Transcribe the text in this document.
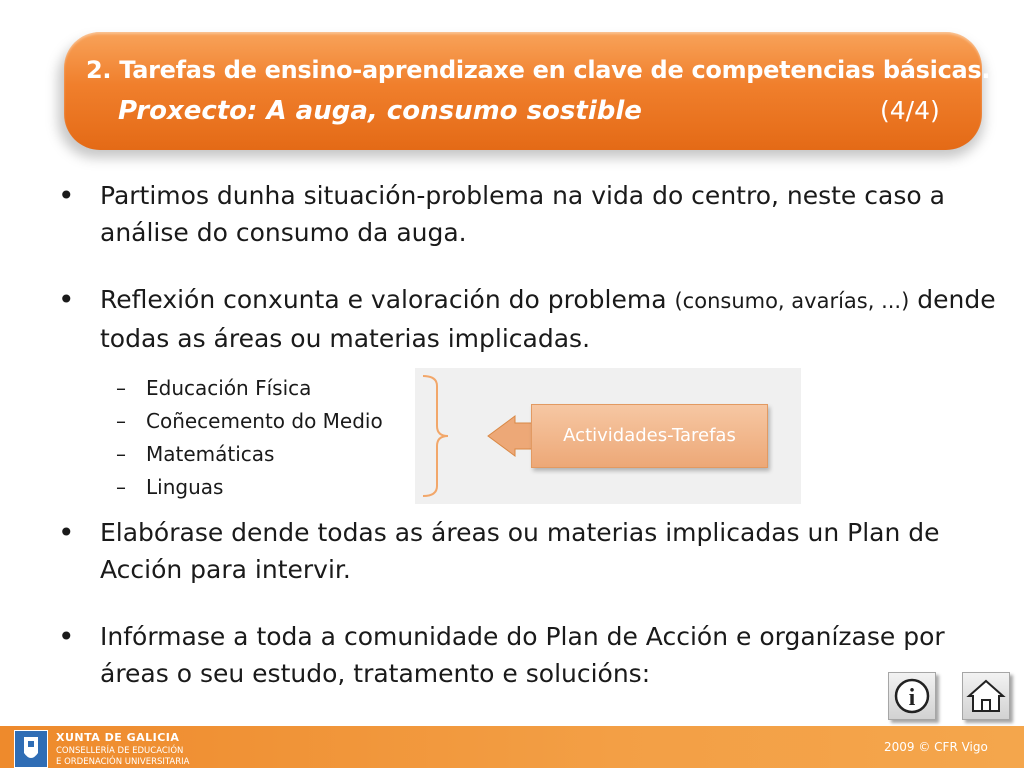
2. Tarefas de ensino-aprendizaxe en clave de competencias básicas.
Proxecto: A auga, consumo sostible	(4/4)
• Partimos dunha situación-problema na vida do centro, neste caso a análise do consumo da auga.
• Reflexión conxunta e valoración do problema (consumo, avarías, ...) dende todas as áreas ou materias implicadas.
– Educación Física
– Coñecemento do Medio
– Matemáticas
– Linguas
Actividades-Tarefas
• Elabórase dende todas as áreas ou materias implicadas un Plan de Acción para intervir.
• Infórmase a toda a comunidade do Plan de Acción e organízase por áreas o seu estudo, tratamento e solucións:
i
XUNTA DE GALICIA
CONSELLERÍA DE EDUCACIÓN
E ORDENACIÓN UNIVERSITARIA
2009 © CFR Vigo
